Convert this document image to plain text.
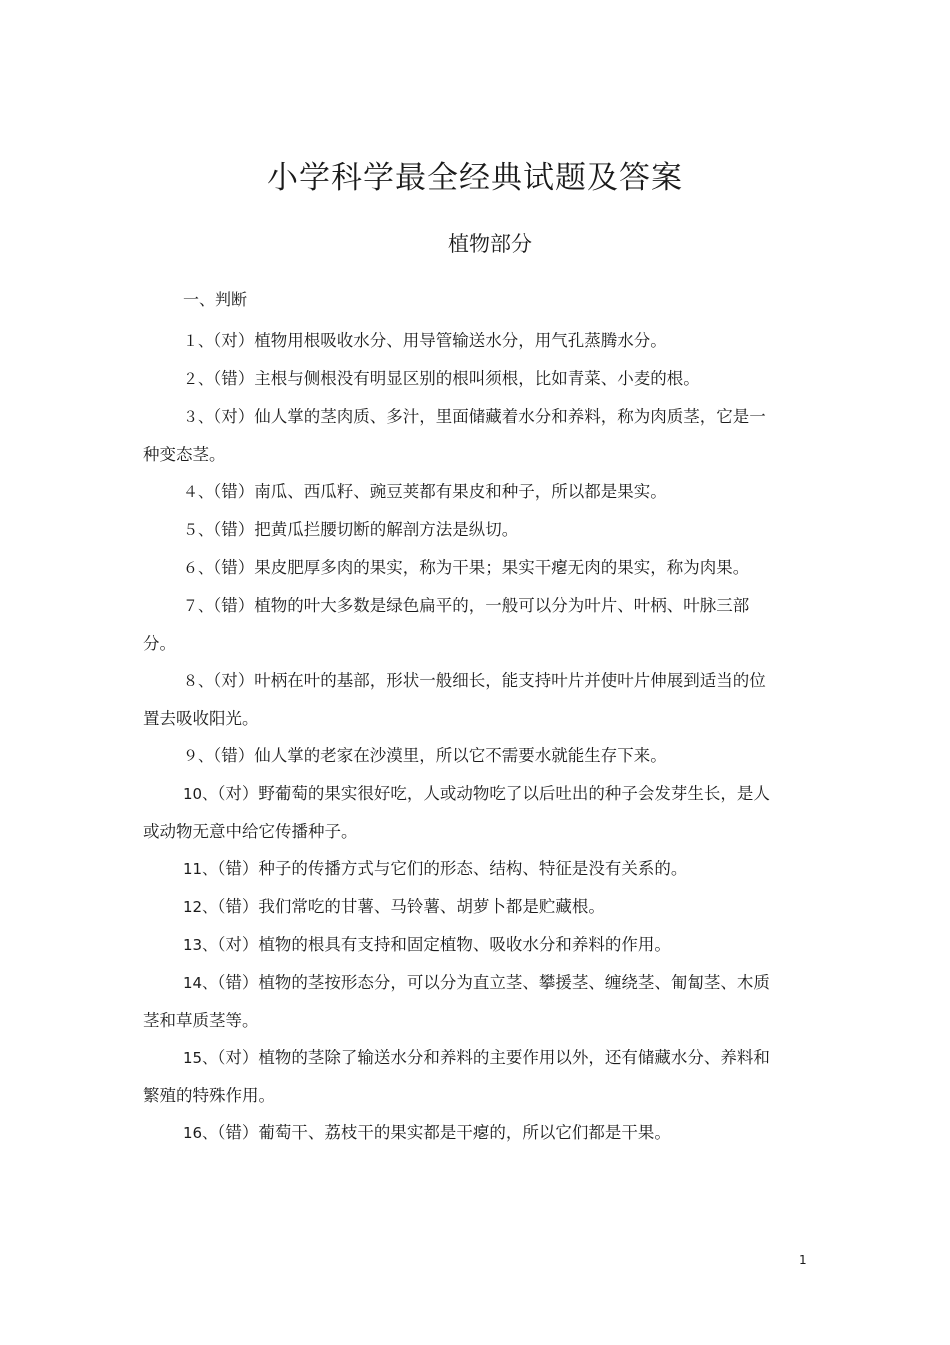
小学科学最全经典试题及答案
植物部分
一、判断

１、（对）植物用根吸收水分、用导管输送水分，用气孔蒸腾水分。

２、（错）主根与侧根没有明显区别的根叫须根，比如青菜、小麦的根。

３、（对）仙人掌的茎肉质、多汁，里面储藏着水分和养料，称为肉质茎，它是一种变态茎。

４、（错）南瓜、西瓜籽、豌豆荚都有果皮和种子，所以都是果实。

５、（错）把黄瓜拦腰切断的解剖方法是纵切。

６、（错）果皮肥厚多肉的果实，称为干果；果实干瘪无肉的果实，称为肉果。

７、（错）植物的叶大多数是绿色扁平的，一般可以分为叶片、叶柄、叶脉三部分。

８、（对）叶柄在叶的基部，形状一般细长，能支持叶片并使叶片伸展到适当的位置去吸收阳光。

９、（错）仙人掌的老家在沙漠里，所以它不需要水就能生存下来。

10、（对）野葡萄的果实很好吃，人或动物吃了以后吐出的种子会发芽生长，是人或动物无意中给它传播种子。

11、（错）种子的传播方式与它们的形态、结构、特征是没有关系的。

12、（错）我们常吃的甘薯、马铃薯、胡萝卜都是贮藏根。

13、（对）植物的根具有支持和固定植物、吸收水分和养料的作用。

14、（错）植物的茎按形态分，可以分为直立茎、攀援茎、缠绕茎、匍匐茎、木质茎和草质茎等。

15、（对）植物的茎除了输送水分和养料的主要作用以外，还有储藏水分、养料和繁殖的特殊作用。

16、（错）葡萄干、荔枝干的果实都是干瘪的，所以它们都是干果。

1
